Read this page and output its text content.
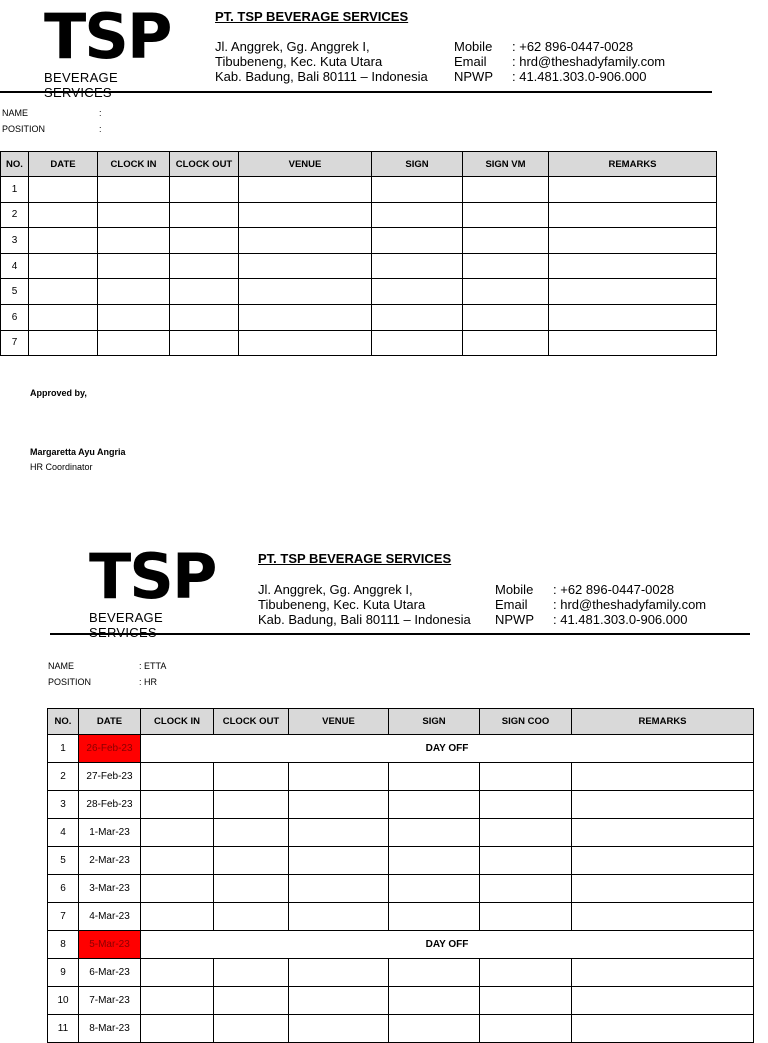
TSP
BEVERAGE
PT. TSP BEVERAGE SERVICES
Jl. Anggrek, Gg. Anggrek I,
Tibubeneng, Kec. Kuta Utara
Kab. Badung, Bali 80111 – Indonesia
Mobile	: +62 896-0447-0028
Email	: hrd@theshadyfamily.com
NPWP	: 41.481.303.0-906.000
NAME	:
POSITION	:
NO.	DATE	CLOCK IN	CLOCK OUT	VENUE	SIGN	SIGN VM	REMARKS
1							
2							
3							
4							
5							
6							
7							
Approved by,
Margaretta Ayu Angria
HR Coordinator
TSP
BEVERAGE
PT. TSP BEVERAGE SERVICES
Jl. Anggrek, Gg. Anggrek I,
Tibubeneng, Kec. Kuta Utara
Kab. Badung, Bali 80111 – Indonesia
Mobile	: +62 896-0447-0028
Email	: hrd@theshadyfamily.com
NPWP	: 41.481.303.0-906.000
NAME	: ETTA
POSITION	: HR
NO.	DATE	CLOCK IN	CLOCK OUT	VENUE	SIGN	SIGN COO	REMARKS
1	26-Feb-23	DAY OFF					
2	27-Feb-23						
3	28-Feb-23						
4	1-Mar-23						
5	2-Mar-23						
6	3-Mar-23						
7	4-Mar-23						
8	5-Mar-23	DAY OFF					
9	6-Mar-23						
10	7-Mar-23						
11	8-Mar-23						
